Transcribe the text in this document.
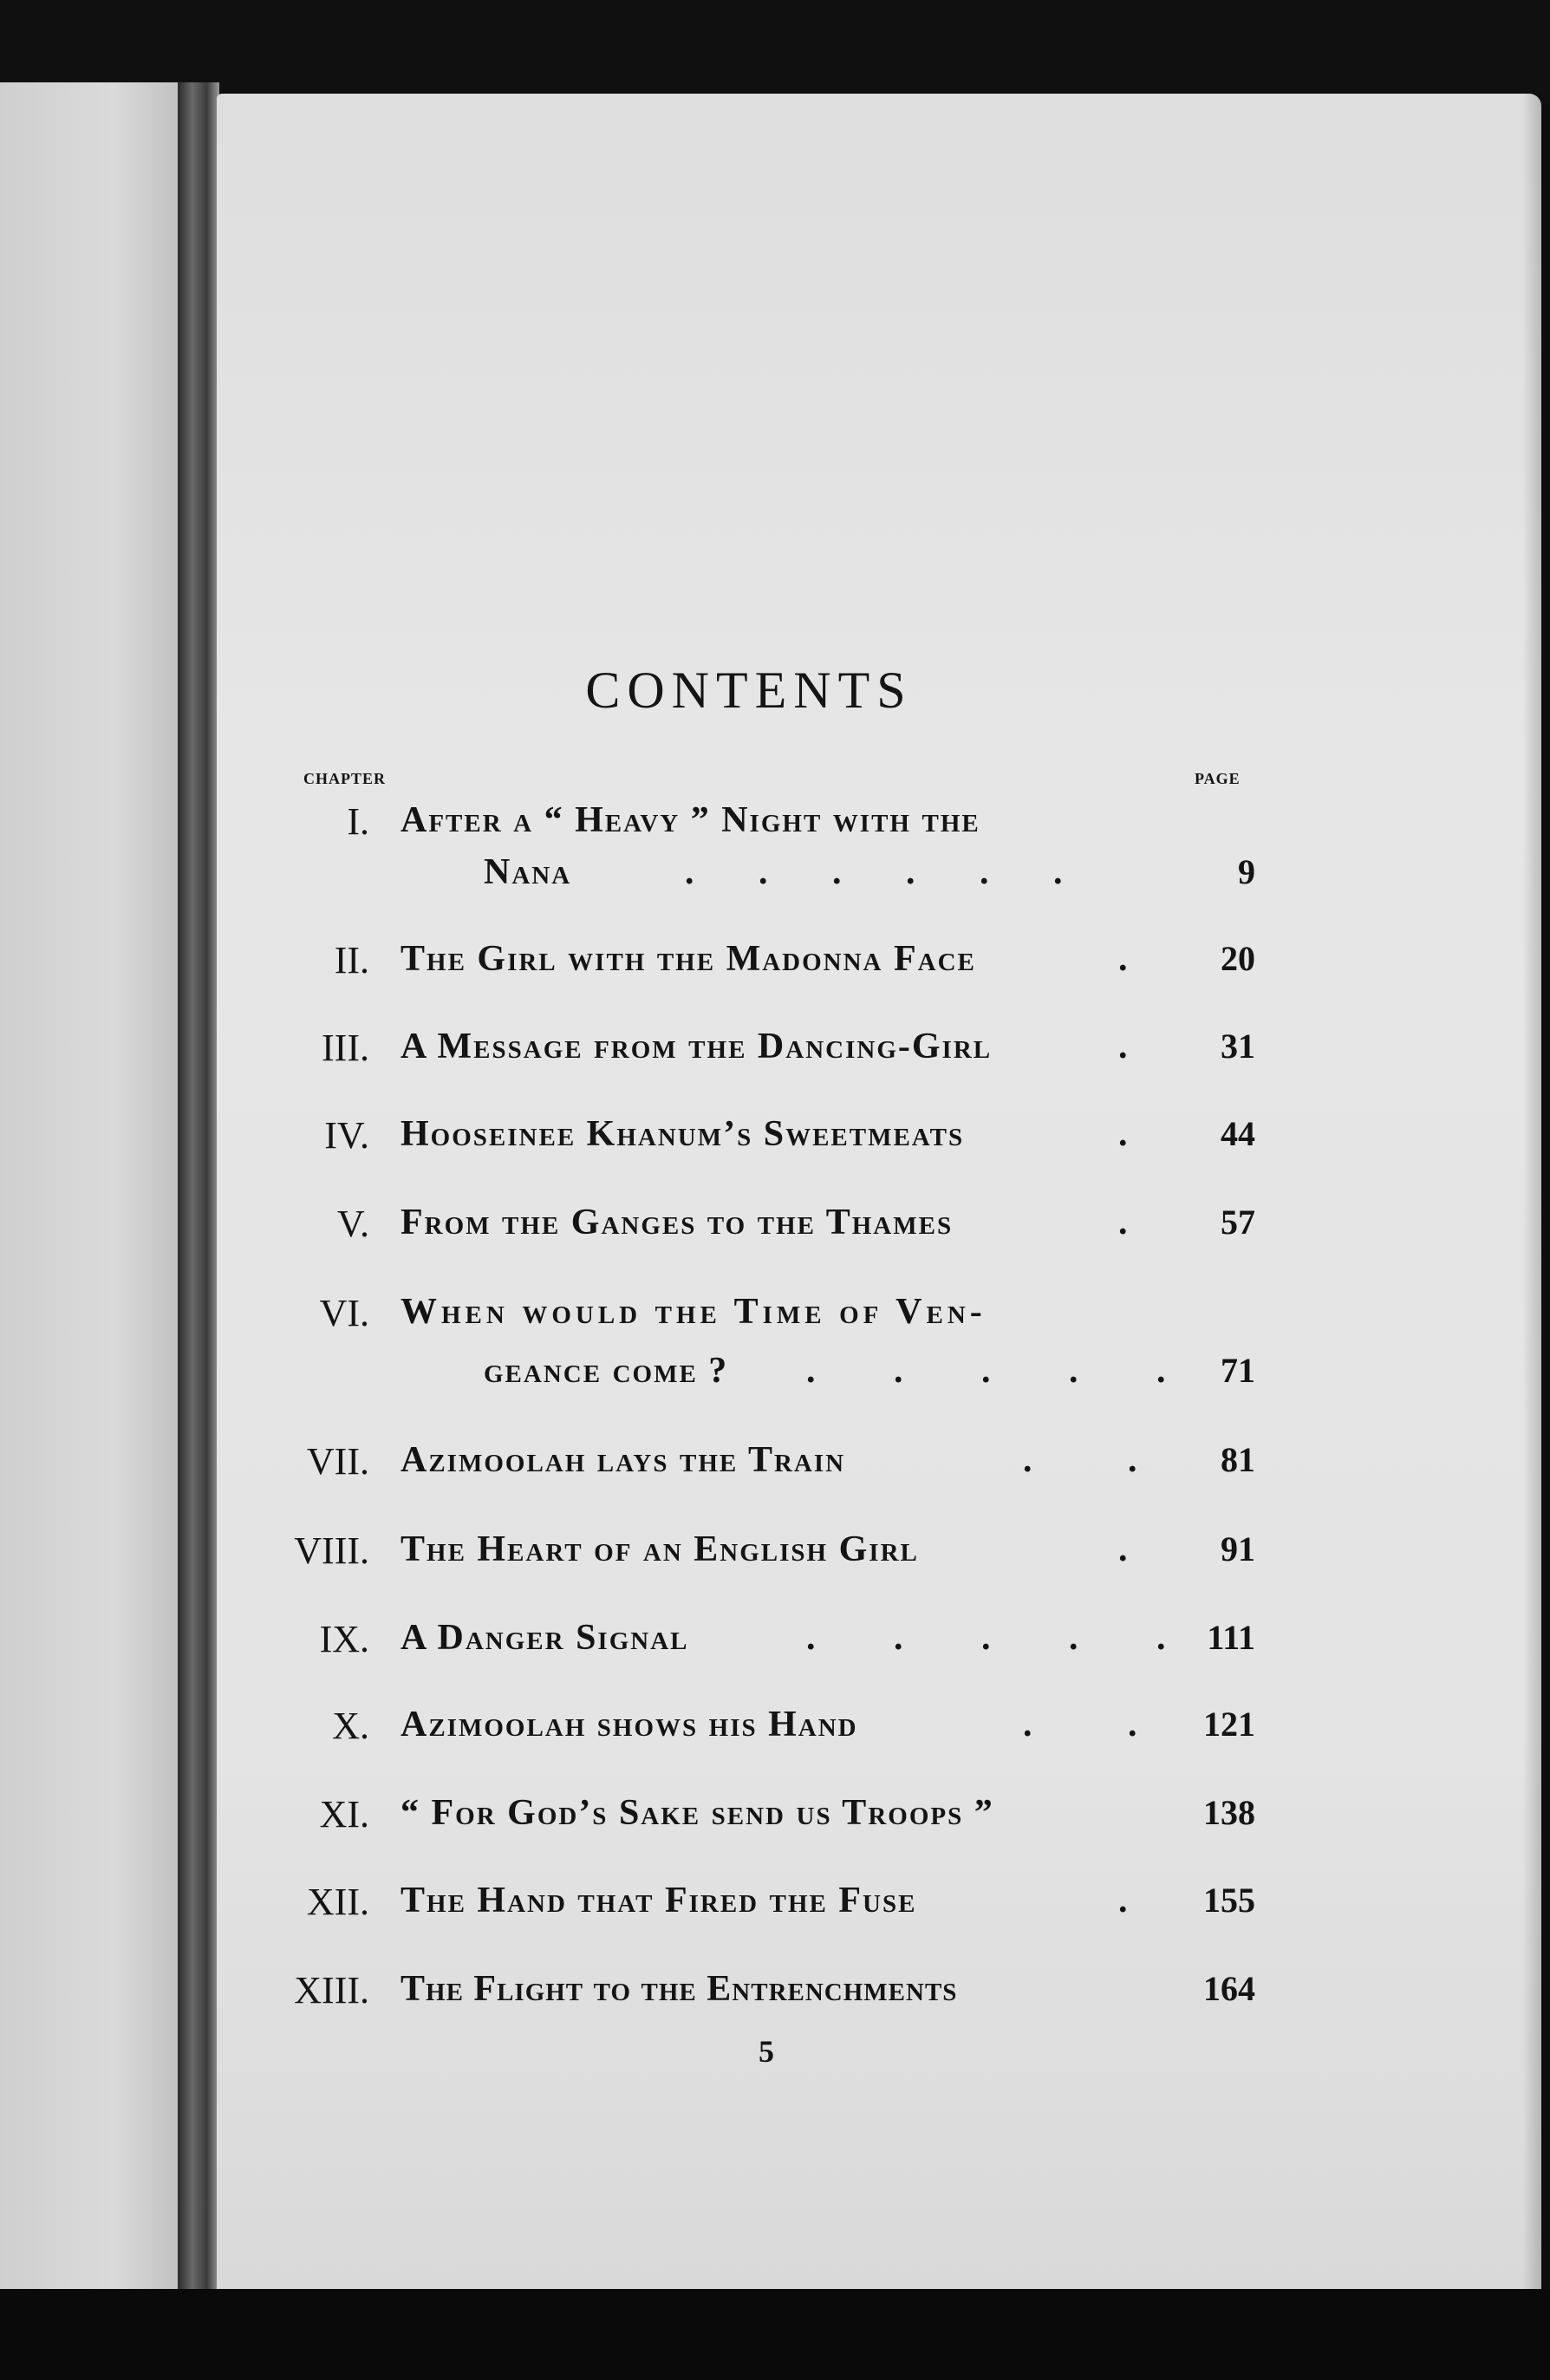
CONTENTS
CHAPTER	PAGE
I. After a “ Heavy ” Night with the
Nana	. . . . . .	9
II. The Girl with the Madonna Face	.	20
III. A Message from the Dancing-Girl	.	31
IV. Hooseinee Khanum’s Sweetmeats	.	44
V. From the Ganges to the Thames	.	57
VI. When would the Time of Ven-
geance come ? . . . . . 71
VII. Azimoolah lays the Train	. . 81
VIII. The Heart of an English Girl	.	91
IX. A Danger Signal	. . . . . 111
X. Azimoolah shows his Hand	. . 121
XI. “ For God’s Sake send us Troops ”	138
XII. The Hand that Fired the Fuse	. 155
XIII. The Flight to the Entrenchments	164
5
